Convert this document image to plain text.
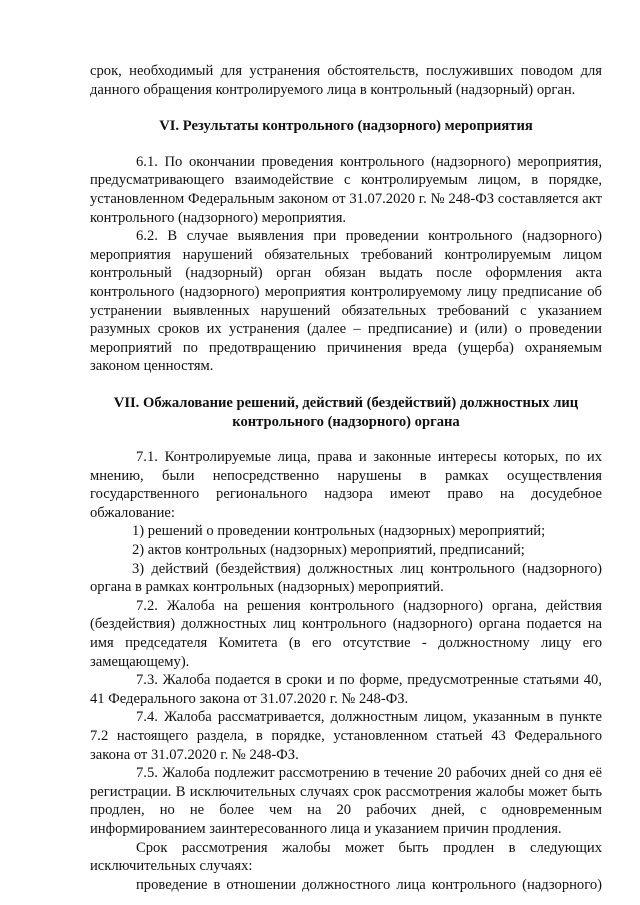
срок, необходимый для устранения обстоятельств, послуживших поводом для данного обращения контролируемого лица в контрольный (надзорный) орган.

VI. Результаты контрольного (надзорного) мероприятия

6.1. По окончании проведения контрольного (надзорного) мероприятия, предусматривающего взаимодействие с контролируемым лицом, в порядке, установленном Федеральным законом от 31.07.2020 г. № 248-ФЗ составляется акт контрольного (надзорного) мероприятия.

6.2. В случае выявления при проведении контрольного (надзорного) мероприятия нарушений обязательных требований контролируемым лицом контрольный (надзорный) орган обязан выдать после оформления акта контрольного (надзорного) мероприятия контролируемому лицу предписание об устранении выявленных нарушений обязательных требований с указанием разумных сроков их устранения (далее – предписание) и (или) о проведении мероприятий по предотвращению причинения вреда (ущерба) охраняемым законом ценностям.

VII. Обжалование решений, действий (бездействий) должностных лиц
контрольного (надзорного) органа

7.1. Контролируемые лица, права и законные интересы которых, по их мнению, были непосредственно нарушены в рамках осуществления государственного регионального надзора имеют право на досудебное обжалование:

1) решений о проведении контрольных (надзорных) мероприятий;

2) актов контрольных (надзорных) мероприятий, предписаний;

3) действий (бездействия) должностных лиц контрольного (надзорного) органа в рамках контрольных (надзорных) мероприятий.

7.2. Жалоба на решения контрольного (надзорного) органа, действия (бездействия) должностных лиц контрольного (надзорного) органа подается на имя председателя Комитета (в его отсутствие - должностному лицу его замещающему).

7.3. Жалоба подается в сроки и по форме, предусмотренные статьями 40, 41 Федерального закона от 31.07.2020 г. № 248-ФЗ.

7.4. Жалоба рассматривается, должностным лицом, указанным в пункте 7.2 настоящего раздела, в порядке, установленном статьей 43 Федерального закона от 31.07.2020 г. № 248-ФЗ.

7.5. Жалоба подлежит рассмотрению в течение 20 рабочих дней со дня её регистрации. В исключительных случаях срок рассмотрения жалобы может быть продлен, но не более чем на 20 рабочих дней, с одновременным информированием заинтересованного лица и указанием причин продления.

Срок рассмотрения жалобы может быть продлен в следующих исключительных случаях:

проведение в отношении должностного лица контрольного (надзорного)
